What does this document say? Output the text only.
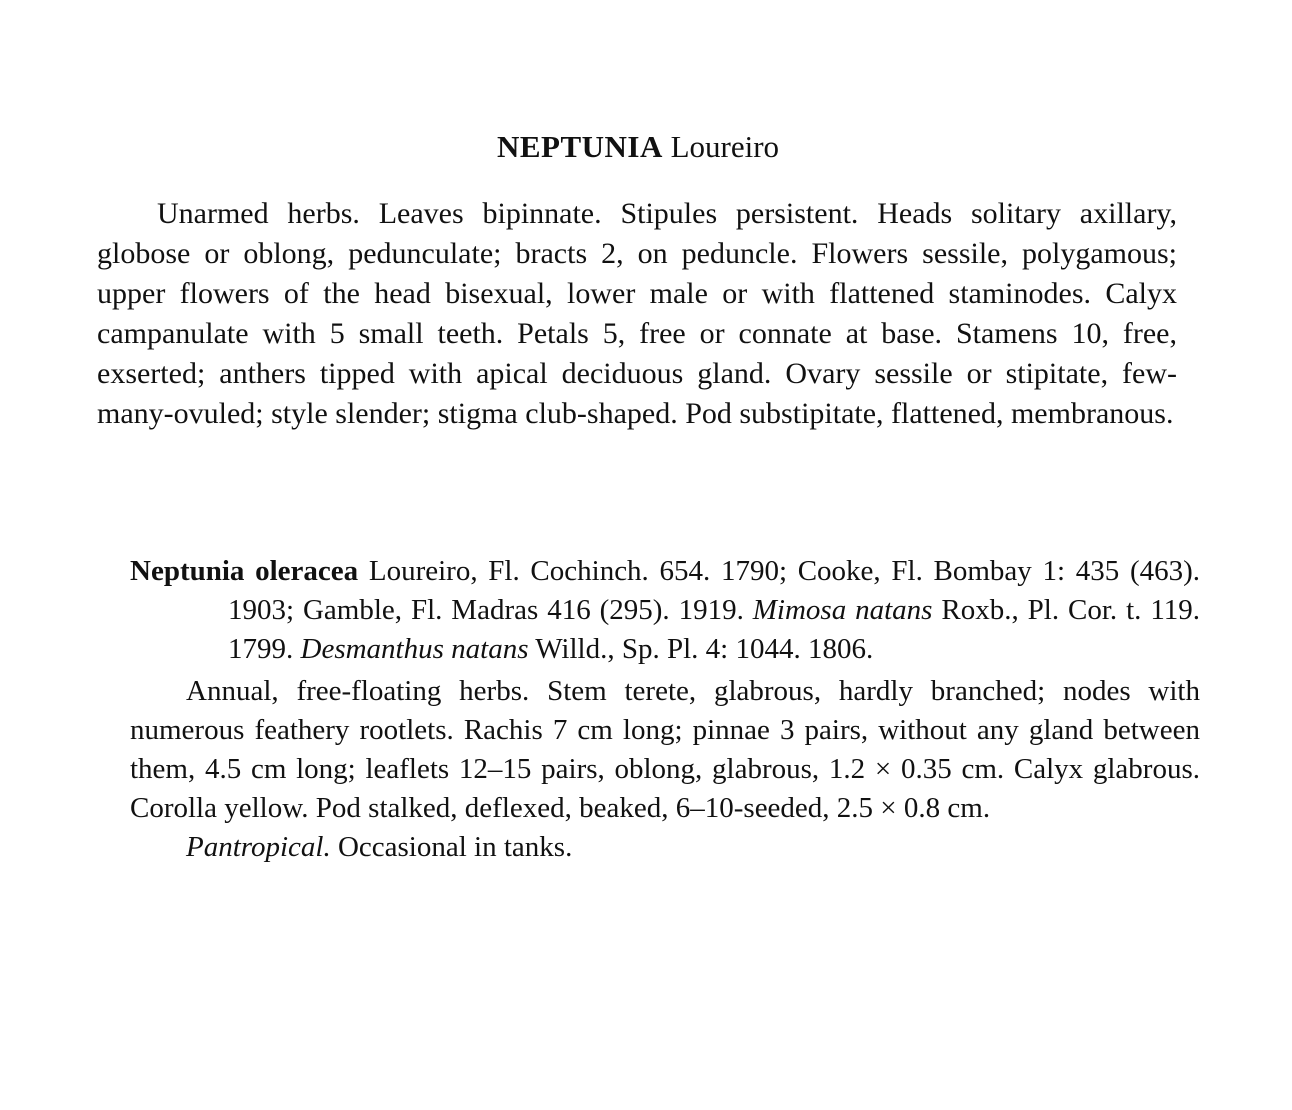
NEPTUNIA Loureiro

Unarmed herbs. Leaves bipinnate. Stipules persistent. Heads solitary axillary, globose or oblong, pedunculate; bracts 2, on peduncle. Flowers sessile, polygamous; upper flowers of the head bisexual, lower male or with flattened staminodes. Calyx campanulate with 5 small teeth. Petals 5, free or connate at base. Stamens 10, free, exserted; anthers tipped with apical deciduous gland. Ovary sessile or stipitate, few-many-ovuled; style slender; stigma club-shaped. Pod substipitate, flattened, membranous.

Neptunia oleracea Loureiro, Fl. Cochinch. 654. 1790; Cooke, Fl. Bombay 1: 435 (463). 1903; Gamble, Fl. Madras 416 (295). 1919. Mimosa natans Roxb., Pl. Cor. t. 119. 1799. Desmanthus natans Willd., Sp. Pl. 4: 1044. 1806.

Annual, free-floating herbs. Stem terete, glabrous, hardly branched; nodes with numerous feathery rootlets. Rachis 7 cm long; pinnae 3 pairs, without any gland between them, 4.5 cm long; leaflets 12–15 pairs, oblong, glabrous, 1.2 × 0.35 cm. Calyx glabrous. Corolla yellow. Pod stalked, deflexed, beaked, 6–10-seeded, 2.5 × 0.8 cm.

Pantropical. Occasional in tanks.
